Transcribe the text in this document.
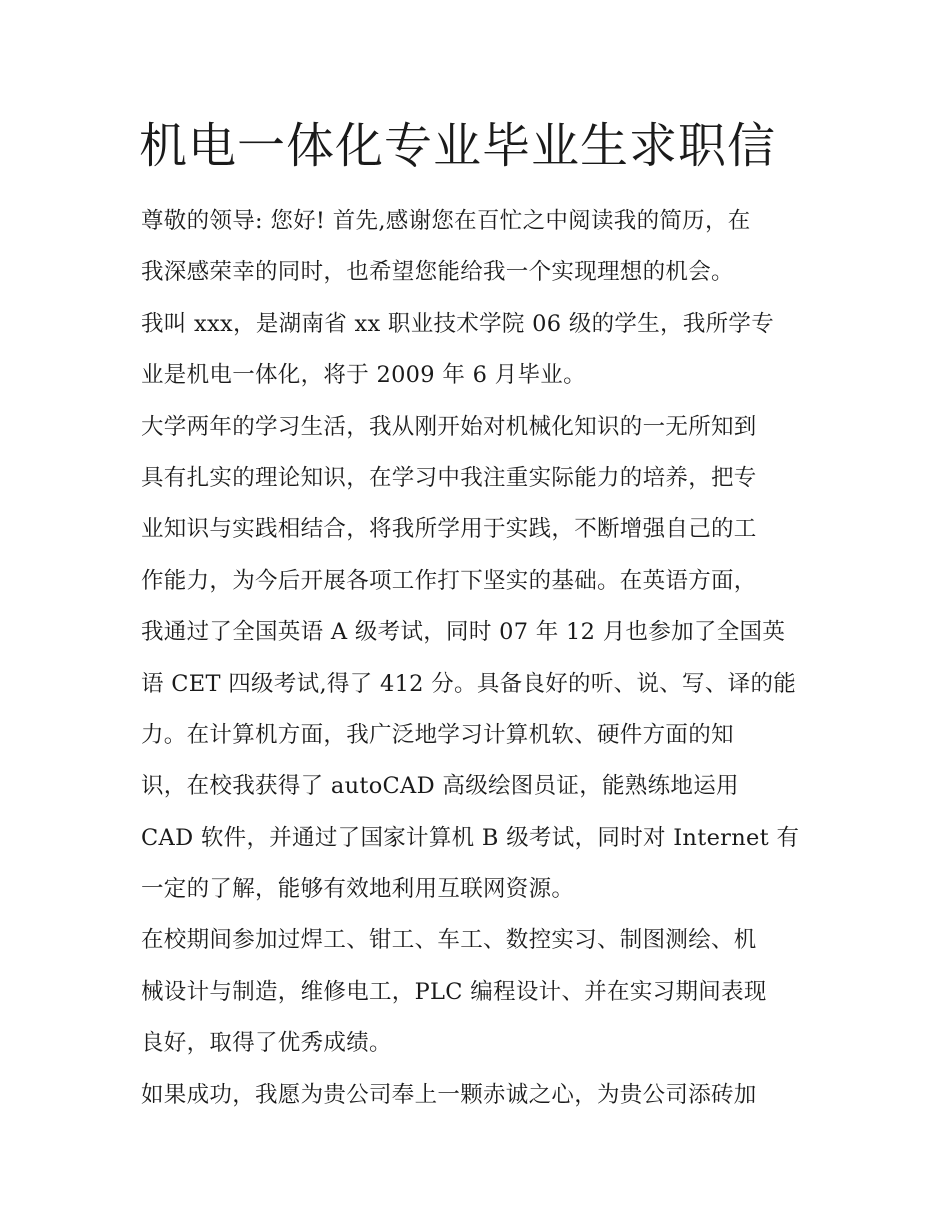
机电一体化专业毕业生求职信
尊敬的领导: 您好! 首先,感谢您在百忙之中阅读我的简历，在
我深感荣幸的同时，也希望您能给我一个实现理想的机会。
我叫 xxx，是湖南省 xx 职业技术学院 06 级的学生，我所学专
业是机电一体化，将于 2009 年 6 月毕业。
大学两年的学习生活，我从刚开始对机械化知识的一无所知到
具有扎实的理论知识，在学习中我注重实际能力的培养，把专
业知识与实践相结合，将我所学用于实践，不断增强自己的工
作能力，为今后开展各项工作打下坚实的基础。在英语方面，
我通过了全国英语 A 级考试，同时 07 年 12 月也参加了全国英
语 CET 四级考试,得了 412 分。具备良好的听、说、写、译的能
力。在计算机方面，我广泛地学习计算机软、硬件方面的知
识，在校我获得了 autoCAD 高级绘图员证，能熟练地运用
CAD 软件，并通过了国家计算机 B 级考试，同时对 Internet 有
一定的了解，能够有效地利用互联网资源。
在校期间参加过焊工、钳工、车工、数控实习、制图测绘、机
械设计与制造，维修电工，PLC 编程设计、并在实习期间表现
良好，取得了优秀成绩。
如果成功，我愿为贵公司奉上一颗赤诚之心，为贵公司添砖加
